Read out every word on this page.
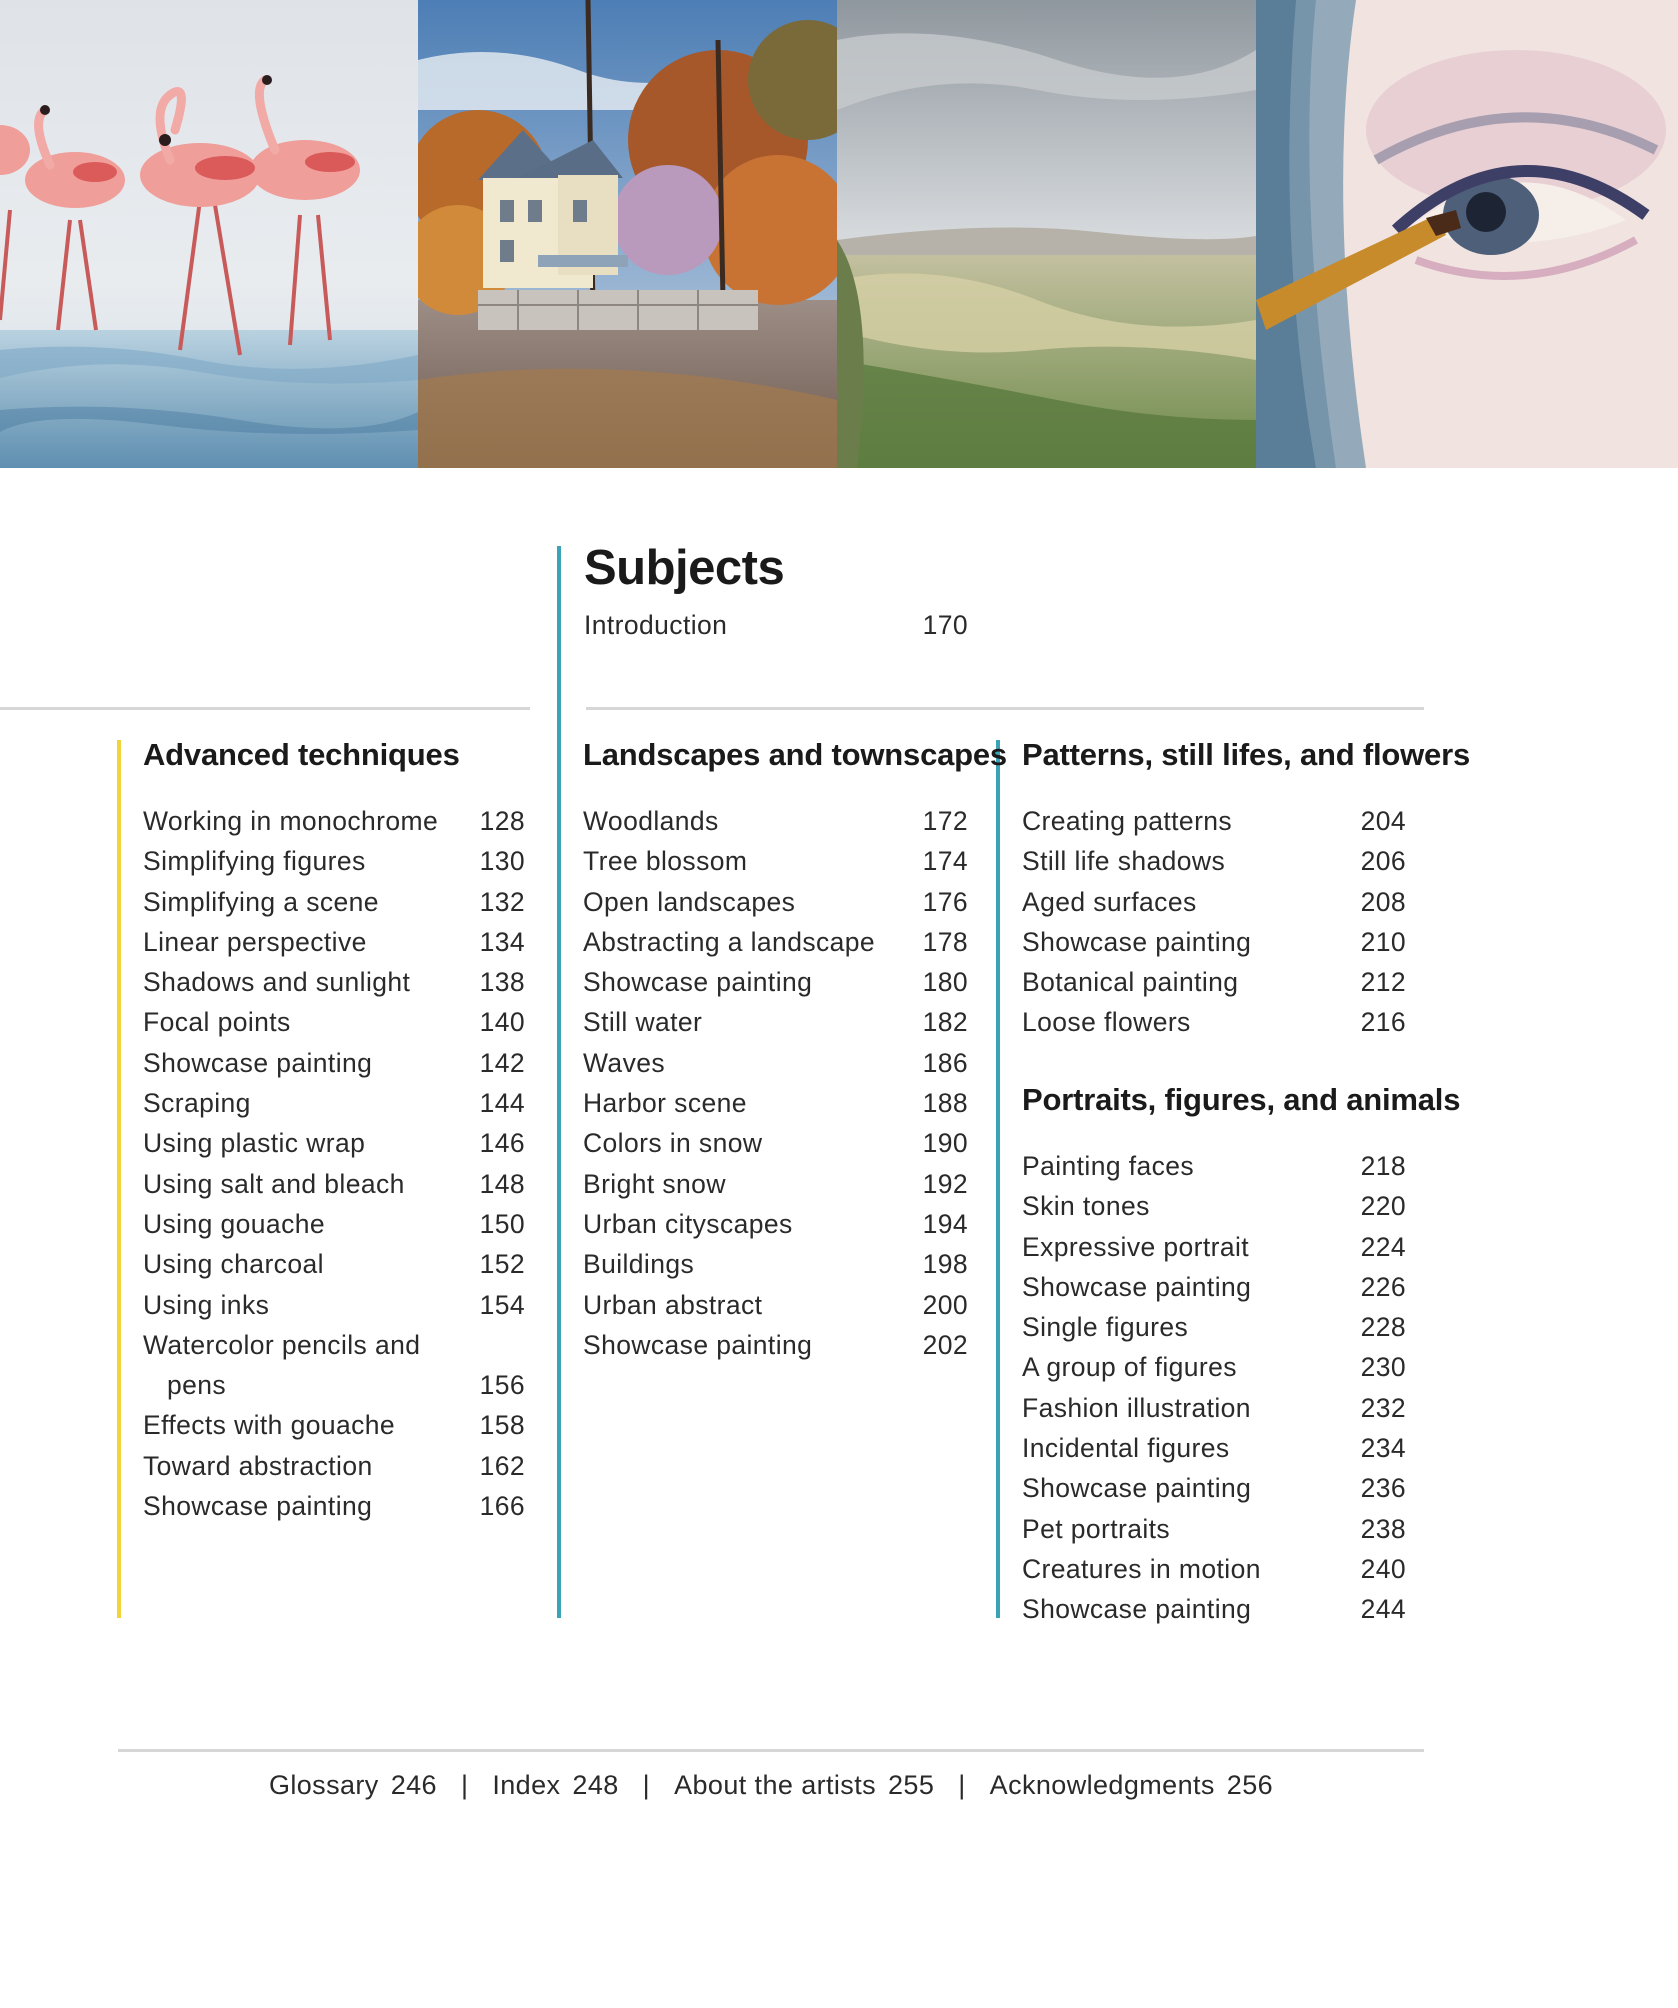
Subjects
Introduction	170
Advanced techniques
Working in monochrome 128
Simplifying figures	130
Simplifying a scene	132
Linear perspective	134
Shadows and sunlight	138
Focal points	140
Showcase painting	142
Scraping	144
Using plastic wrap	146
Using salt and bleach	148
Using gouache	150
Using charcoal	152
Using inks	154
Watercolor pencils and
pens	156
Effects with gouache	158
Toward abstraction	162
Showcase painting	166
Landscapes and townscapes
Woodlands	172
Tree blossom	174
Open landscapes	176
Abstracting a landscape 178
Showcase painting	180
Still water	182
Waves	186
Harbor scene	188
Colors in snow	190
Bright snow	192
Urban cityscapes	194
Buildings	198
Urban abstract	200
Showcase painting	202
Patterns, still lifes, and flowers
Creating patterns	204
Still life shadows	206
Aged surfaces	208
Showcase painting	210
Botanical painting	212
Loose flowers	216
Portraits, figures, and animals
Painting faces	218
Skin tones	220
Expressive portrait	224
Showcase painting	226
Single figures	228
A group of figures	230
Fashion illustration	232
Incidental figures	234
Showcase painting	236
Pet portraits	238
Creatures in motion	240
Showcase painting	244
Glossary 246 | Index 248 | About the artists 255 | Acknowledgments 256
